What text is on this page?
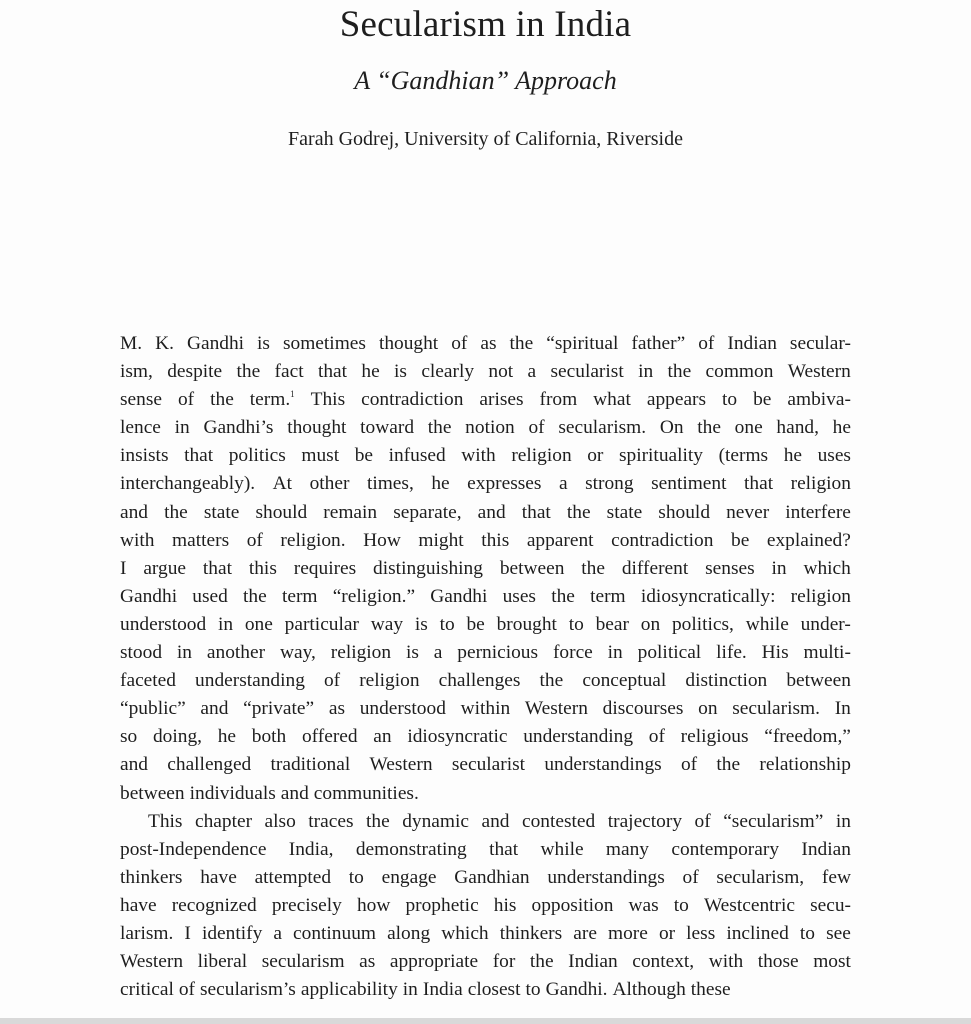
Secularism in India
A “Gandhian” Approach
Farah Godrej, University of California, Riverside
M. K. Gandhi is sometimes thought of as the “spiritual father” of Indian secular-
ism, despite the fact that he is clearly not a secularist in the common Western
sense of the term.$^1$ This contradiction arises from what appears to be ambiva-
lence in Gandhi’s thought toward the notion of secularism. On the one hand, he
insists that politics must be infused with religion or spirituality (terms he uses
interchangeably). At other times, he expresses a strong sentiment that religion
and the state should remain separate, and that the state should never interfere
with matters of religion. How might this apparent contradiction be explained?
I argue that this requires distinguishing between the different senses in which
Gandhi used the term “religion.” Gandhi uses the term idiosyncratically: religion
understood in one particular way is to be brought to bear on politics, while under-
stood in another way, religion is a pernicious force in political life. His multi-
faceted understanding of religion challenges the conceptual distinction between
“public” and “private” as understood within Western discourses on secularism. In
so doing, he both offered an idiosyncratic understanding of religious “freedom,”
and challenged traditional Western secularist understandings of the relationship
between individuals and communities.
This chapter also traces the dynamic and contested trajectory of “secularism” in
post-Independence India, demonstrating that while many contemporary Indian
thinkers have attempted to engage Gandhian understandings of secularism, few
have recognized precisely how prophetic his opposition was to Westcentric secu-
larism. I identify a continuum along which thinkers are more or less inclined to see
Western liberal secularism as appropriate for the Indian context, with those most
critical of secularism’s applicability in India closest to Gandhi. Although these
